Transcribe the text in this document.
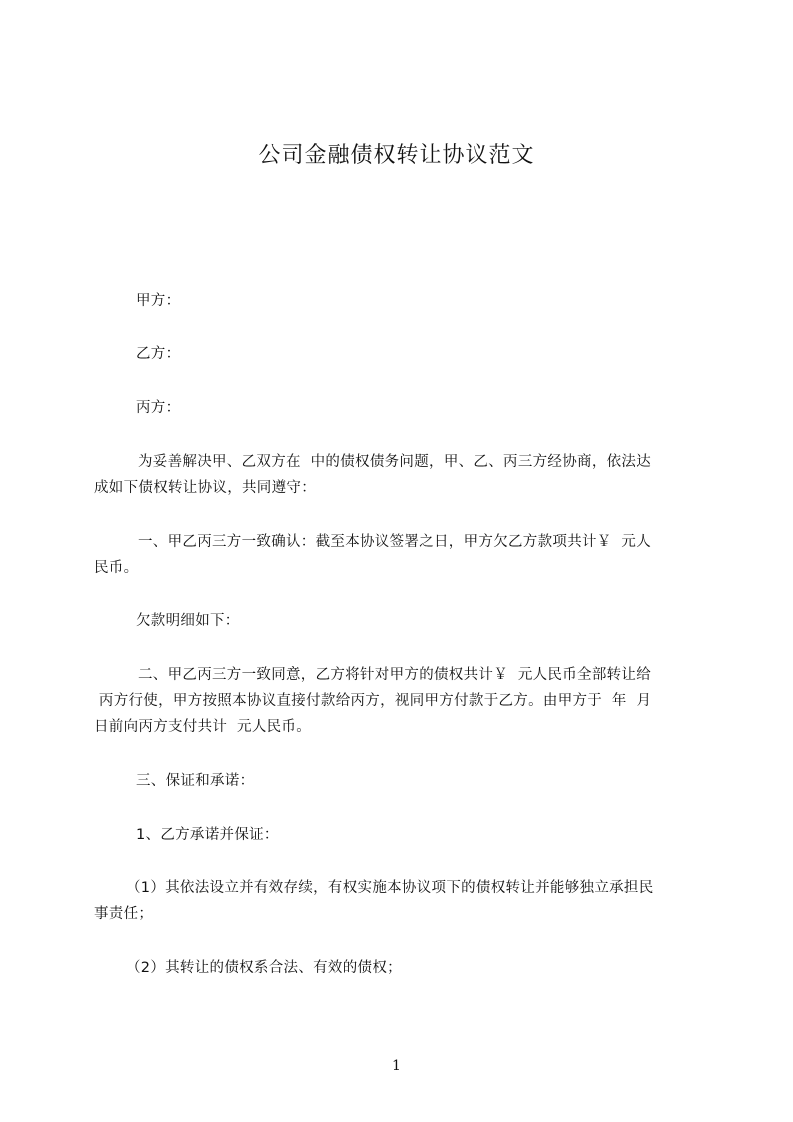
公司金融债权转让协议范文
甲方：
乙方：
丙方：
为妥善解决甲、乙双方在  中的债权债务问题，甲、乙、丙三方经协商，依法达
成如下债权转让协议，共同遵守：
一、甲乙丙三方一致确认：截至本协议签署之日，甲方欠乙方款项共计￥  元人
民币。
欠款明细如下：
二、甲乙丙三方一致同意，乙方将针对甲方的债权共计￥  元人民币全部转让给
丙方行使，甲方按照本协议直接付款给丙方，视同甲方付款于乙方。由甲方于  年  月
日前向丙方支付共计  元人民币。
三、保证和承诺：
1、乙方承诺并保证：
（1）其依法设立并有效存续，有权实施本协议项下的债权转让并能够独立承担民
事责任；
（2）其转让的债权系合法、有效的债权；
1
